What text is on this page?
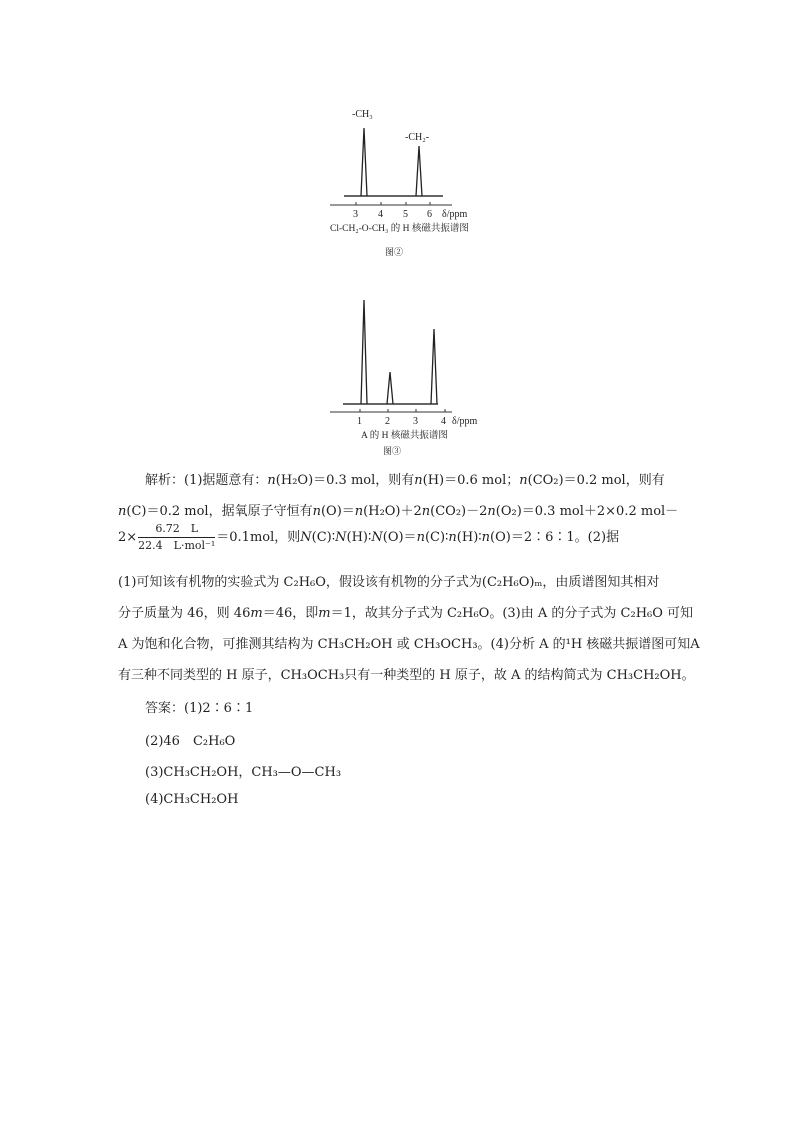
-CH₃
-CH₂-
3 4 5 6 δ/ppm
Cl-CH₂-O-CH₃ 的 H 核磁共振谱图
图②
1 2 3 4 δ/ppm
A 的 H 核磁共振谱图
图③
解析：(1)据题意有：n(H₂O)＝0.3 mol，则有n(H)＝0.6 mol；n(CO₂)＝0.2 mol，则有
n(C)＝0.2 mol，据氧原子守恒有n(O)＝n(H₂O)＋2n(CO₂)－2n(O₂)＝0.3 mol＋2×0.2 mol－
$2\times \frac{6.72 L}{\text{22.4　L·mol⁻¹}} =0.1mol$，则N(C)∶N(H)∶N(O)＝n(C)∶n(H)∶n(O)＝2∶6∶1。(2)据
(1)可知该有机物的实验式为 C₂H₆O，假设该有机物的分子式为(C₂H₆O)ₘ，由质谱图知其相对
分子质量为 46，则 46m＝46，即m＝1，故其分子式为 C₂H₆O。(3)由 A 的分子式为 C₂H₆O 可知
A 为饱和化合物，可推测其结构为 CH₃CH₂OH 或 CH₃OCH₃。(4)分析 A 的¹H 核磁共振谱图可知A
有三种不同类型的 H 原子，CH₃OCH₃只有一种类型的 H 原子，故 A 的结构简式为 CH₃CH₂OH。
答案：(1)2∶6∶1
(2)46　C₂H₆O
(3)CH₃CH₂OH，CH₃—O—CH₃
(4)CH₃CH₂OH
